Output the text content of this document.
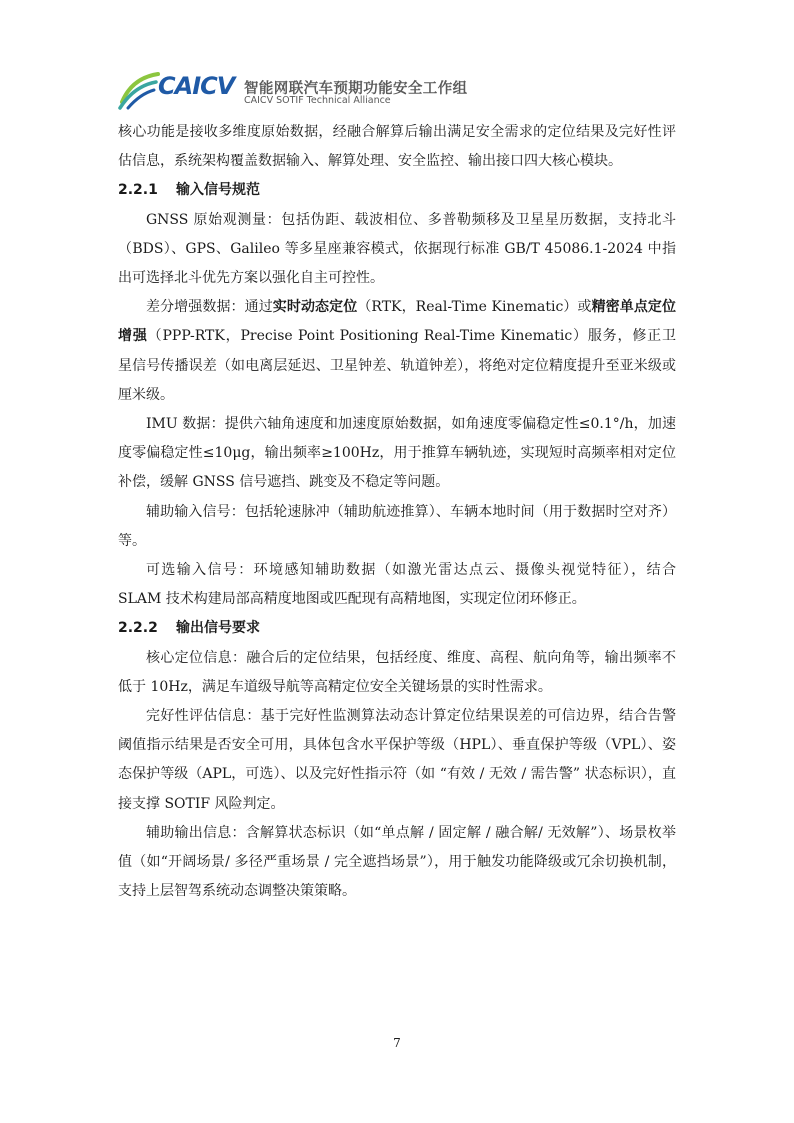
CAICV 智能网联汽车预期功能安全工作组
CAICV SOTIF Technical Alliance

核心功能是接收多维度原始数据，经融合解算后输出满足安全需求的定位结果及完好性评估信息，系统架构覆盖数据输入、解算处理、安全监控、输出接口四大核心模块。

2.2.1 输入信号规范

GNSS 原始观测量：包括伪距、载波相位、多普勒频移及卫星星历数据，支持北斗（BDS）、GPS、Galileo 等多星座兼容模式，依据现行标准 GB/T 45086.1-2024 中指出可选择北斗优先方案以强化自主可控性。

差分增强数据：通过实时动态定位（RTK，Real-Time Kinematic）或精密单点定位增强（PPP-RTK，Precise Point Positioning Real-Time Kinematic）服务，修正卫星信号传播误差（如电离层延迟、卫星钟差、轨道钟差），将绝对定位精度提升至亚米级或厘米级。

IMU 数据：提供六轴角速度和加速度原始数据，如角速度零偏稳定性≤0.1°/h，加速度零偏稳定性≤10μg，输出频率≥100Hz，用于推算车辆轨迹，实现短时高频率相对定位补偿，缓解 GNSS 信号遮挡、跳变及不稳定等问题。

辅助输入信号：包括轮速脉冲（辅助航迹推算）、车辆本地时间（用于数据时空对齐）等。

可选输入信号：环境感知辅助数据（如激光雷达点云、摄像头视觉特征），结合 SLAM 技术构建局部高精度地图或匹配现有高精地图，实现定位闭环修正。

2.2.2 输出信号要求

核心定位信息：融合后的定位结果，包括经度、维度、高程、航向角等，输出频率不低于 10Hz，满足车道级导航等高精定位安全关键场景的实时性需求。

完好性评估信息：基于完好性监测算法动态计算定位结果误差的可信边界，结合告警阈值指示结果是否安全可用，具体包含水平保护等级（HPL）、垂直保护等级（VPL）、姿态保护等级（APL，可选）、以及完好性指示符（如 “有效 / 无效 / 需告警” 状态标识），直接支撑 SOTIF 风险判定。

辅助输出信息：含解算状态标识（如“单点解 / 固定解 / 融合解/ 无效解”）、场景枚举值（如“开阔场景/ 多径严重场景 / 完全遮挡场景”），用于触发功能降级或冗余切换机制，支持上层智驾系统动态调整决策策略。

7
